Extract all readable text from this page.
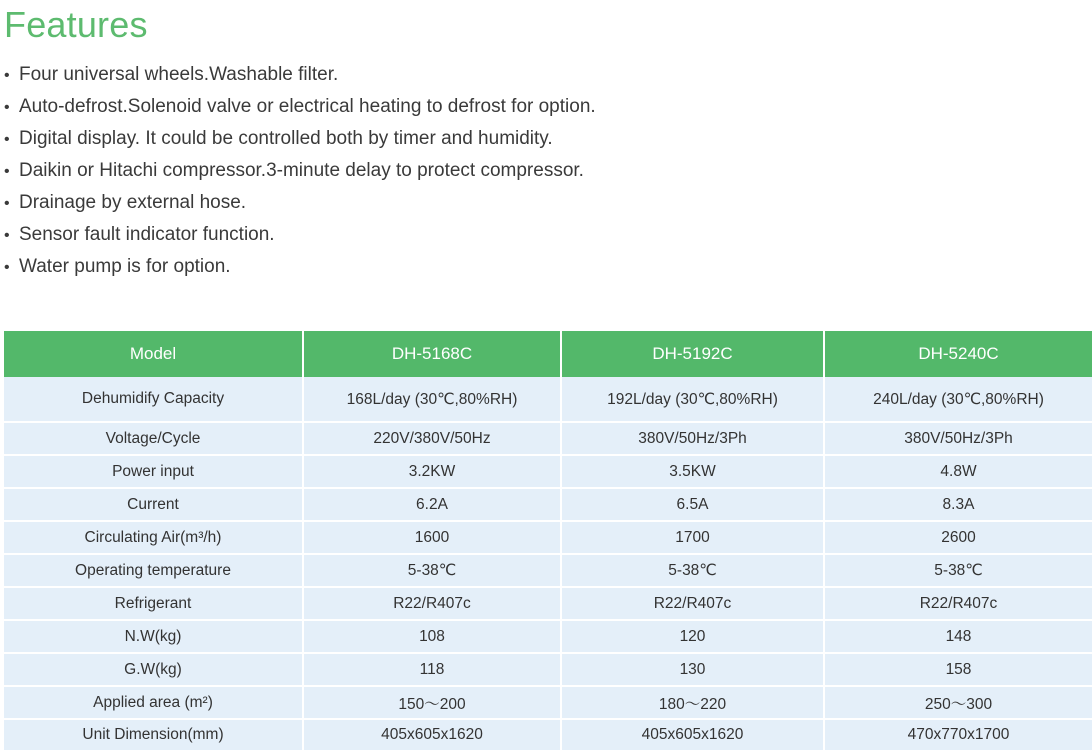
Features
• Four universal wheels.Washable filter.
• Auto-defrost.Solenoid valve or electrical heating to defrost for option.
• Digital display. It could be controlled both by timer and humidity.
• Daikin or Hitachi compressor.3-minute delay to protect compressor.
• Drainage by external hose.
• Sensor fault indicator function.
• Water pump is for option.
Model	DH-5168C	DH-5192C	DH-5240C
Dehumidify Capacity	168L/day (30℃,80%RH)	192L/day (30℃,80%RH)	240L/day (30℃,80%RH)
Voltage/Cycle	220V/380V/50Hz	380V/50Hz/3Ph	380V/50Hz/3Ph
Power input	3.2KW	3.5KW	4.8W
Current	6.2A	6.5A	8.3A
Circulating Air(m³/h)	1600	1700	2600
Operating temperature	5-38℃	5-38℃	5-38℃
Refrigerant	R22/R407c	R22/R407c	R22/R407c
N.W(kg)	108	120	148
G.W(kg)	118	130	158
Applied area (m²)	150～200	180～220	250～300
Unit Dimension(mm)	405x605x1620	405x605x1620	470x770x1700
